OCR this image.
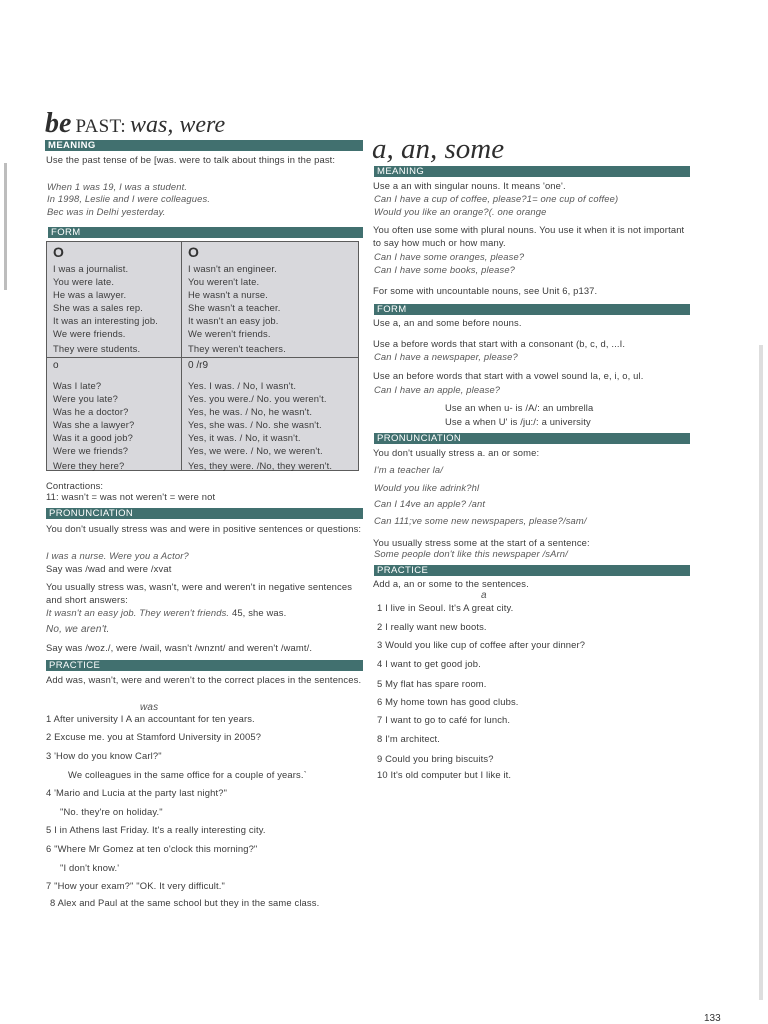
be PAST: was, were
MEANING
Use the past tense of be [was. were to talk about things in the past:
When 1 was 19, I was a student.
In 1998, Leslie and I were colleagues.
Bec was in Delhi yesterday.
FORM
O
I was a journalist.
You were late.
He was a lawyer.
She was a sales rep.
It was an interesting job.
We were friends.
They were students.
O
I wasn't an engineer.
You weren't late.
He wasn't a nurse.
She wasn't a teacher.
It wasn't an easy job.
We weren't friends.
They weren't teachers.
o
Was I late?
Were you late?
Was he a doctor?
Was she a lawyer?
Was it a good job?
Were we friends?
Were they here?
0 /r9
Yes. I was. / No, I wasn't.
Yes. you were./ No. you weren't.
Yes, he was. / No, he wasn't.
Yes, she was. / No. she wasn't.
Yes, it was. / No, it wasn't.
Yes, we were. / No, we weren't.
Yes, they were. /No, they weren't.
Contractions:
11: wasn't = was not weren't = were not
PRONUNCIATION
You don't usually stress was and were in positive sentences or questions:
I was a nurse. Were you a Actor?
Say was /wad and were /xvat
You usually stress was, wasn't, were and weren't in negative sentences and short answers:
It wasn't an easy job. They weren't friends. 45, she was.
No, we aren't.
Say was /woz./, were /wail, wasn't /wnznt/ and weren't /wamt/.
PRACTICE
Add was, wasn't, were and weren't to the correct places in the sentences.
was
1 After university I A an accountant for ten years.
2 Excuse me. you at Stamford University in 2005?
3 'How do you know Carl?"
We colleagues in the same office for a couple of years.`
4 'Mario and Lucia at the party last night?"
"No. they're on holiday."
5 I in Athens last Friday. It's a really interesting city.
6 "Where Mr Gomez at ten o'clock this morning?"
"I don't know.'
7 "How your exam?" "OK. It very difficult."
8 Alex and Paul at the same school but they in the same class.
a, an, some
MEANING
Use a an with singular nouns. It means 'one'.
Can I have a cup of coffee, please?1= one cup of coffee)
Would you like an orange?(. one orange
You often use some with plural nouns. You use it when it is not important to say how much or how many.
Can I have some oranges, please?
Can I have some books, please?
For some with uncountable nouns, see Unit 6, p137.
FORM
Use a, an and some before nouns.
Use a before words that start with a consonant (b, c, d, ...I.
Can I have a newspaper, please?
Use an before words that start with a vowel sound la, e, i, o, ul.
Can I have an apple, please?
Use an when u- is /A/: an umbrella
Use a when U' is /ju:/: a university
PRONUNCIATION
You don't usually stress a. an or some:
I'm a teacher la/
Would you like adrink?hl
Can I 14ve an apple? /ant
Can 111;ve some new newspapers, please?/sam/
You usually stress some at the start of a sentence:
Some people don't like this newspaper /sArn/
PRACTICE
Add a, an or some to the sentences.
a
1 I live in Seoul. It's A great city.
2 I really want new boots.
3 Would you like cup of coffee after your dinner?
4 I want to get good job.
5 My flat has spare room.
6 My home town has good clubs.
7 I want to go to café for lunch.
8 I'm architect.
9 Could you bring biscuits?
10 It's old computer but I like it.
133
